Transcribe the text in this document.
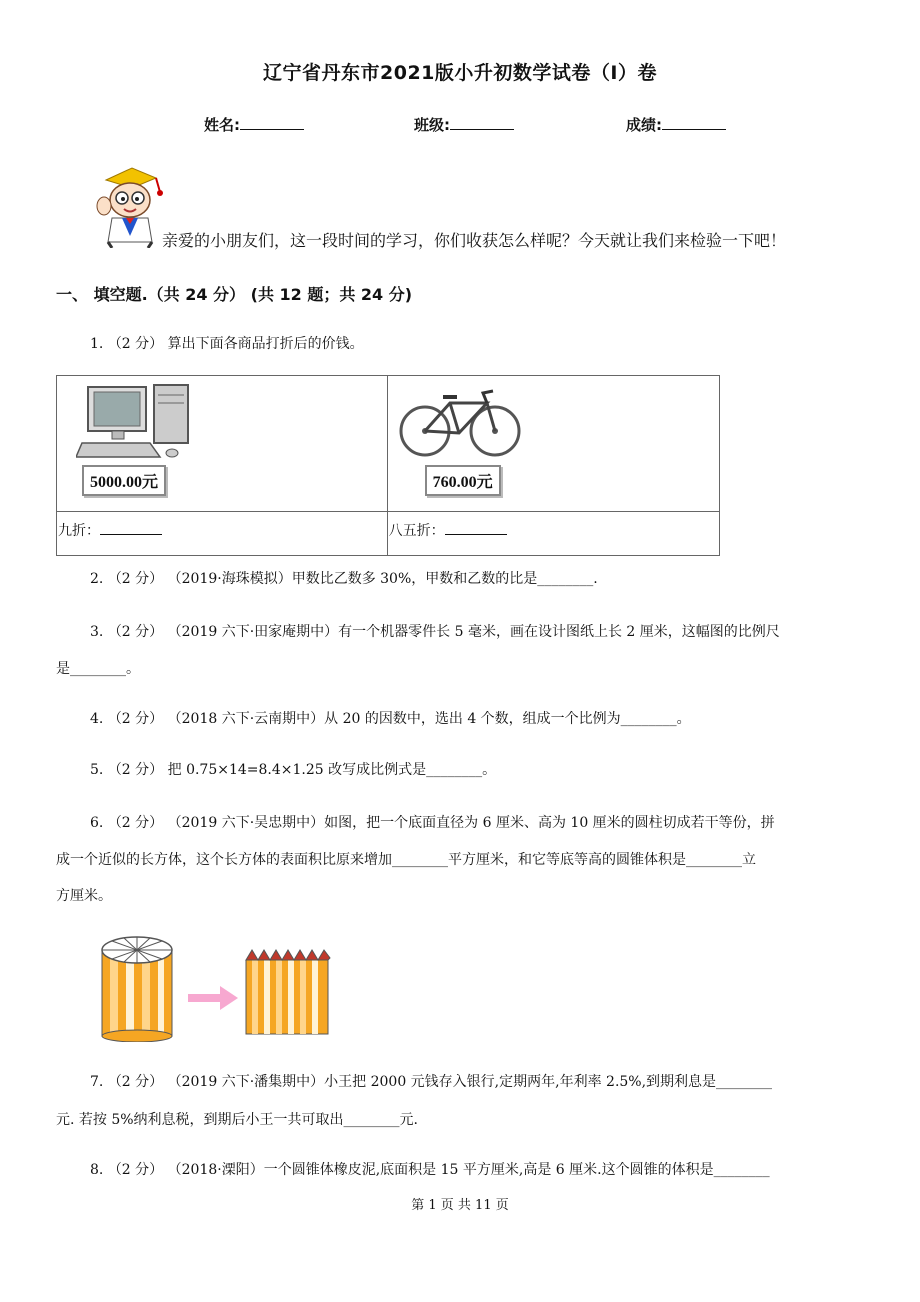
辽宁省丹东市2021版小升初数学试卷（I）卷
姓名:	班级:	成绩:
亲爱的小朋友们，这一段时间的学习，你们收获怎么样呢？今天就让我们来检验一下吧！
一、 填空题.（共 24 分） (共 12 题；共 24 分)
1. （2 分） 算出下面各商品打折后的价钱。
5000.00元	760.00元

九折：	八五折：
2. （2 分） （2019·海珠模拟）甲数比乙数多 30%，甲数和乙数的比是________.
3. （2 分） （2019 六下·田家庵期中）有一个机器零件长 5 毫米，画在设计图纸上长 2 厘米，这幅图的比例尺
是________。
4. （2 分） （2018 六下·云南期中）从 20 的因数中，选出 4 个数，组成一个比例为________。
5. （2 分） 把 0.75×14=8.4×1.25 改写成比例式是________。
6. （2 分） （2019 六下·吴忠期中）如图，把一个底面直径为 6 厘米、高为 10 厘米的圆柱切成若干等份，拼
成一个近似的长方体，这个长方体的表面积比原来增加________平方厘米，和它等底等高的圆锥体积是________立
方厘米。
7. （2 分） （2019 六下·潘集期中）小王把 2000 元钱存入银行,定期两年,年利率 2.5%,到期利息是________
元. 若按 5%纳利息税，到期后小王一共可取出________元.
8. （2 分） （2018·溧阳）一个圆锥体橡皮泥,底面积是 15 平方厘米,高是 6 厘米.这个圆锥的体积是________
第 1 页 共 11 页
